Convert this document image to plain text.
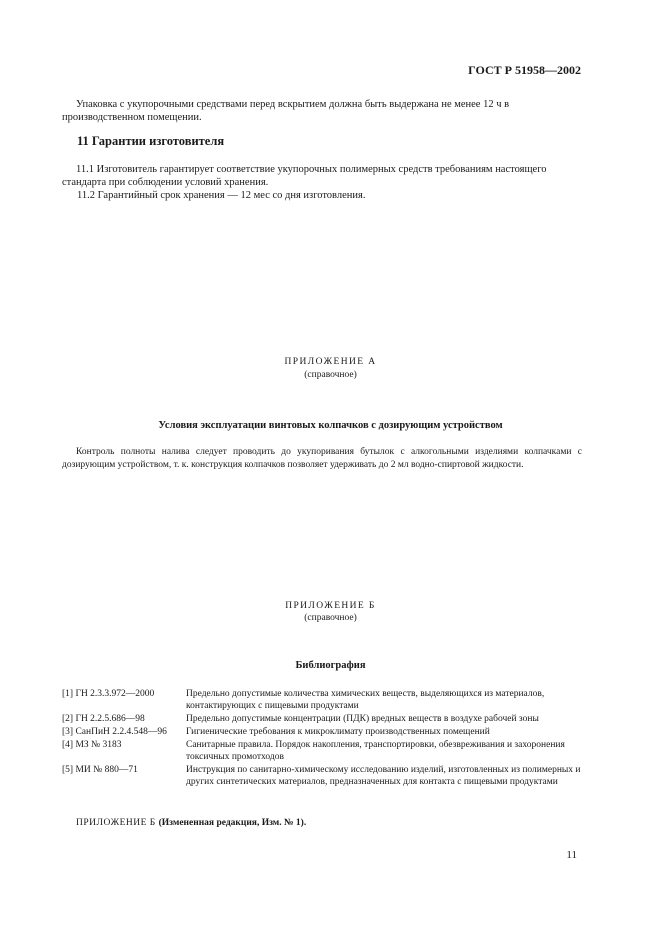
ГОСТ Р 51958—2002
Упаковка с укупорочными средствами перед вскрытием должна быть выдержана не менее 12 ч в производственном помещении.
11 Гарантии изготовителя
11.1 Изготовитель гарантирует соответствие укупорочных полимерных средств требованиям настоящего стандарта при соблюдении условий хранения.
11.2 Гарантийный срок хранения — 12 мес со дня изготовления.
ПРИЛОЖЕНИЕ А
(справочное)
Условия эксплуатации винтовых колпачков с дозирующим устройством
Контроль полноты налива следует проводить до укупоривания бутылок с алкогольными изделиями колпачками с дозирующим устройством, т. к. конструкция колпачков позволяет удерживать до 2 мл водно-спиртовой жидкости.
ПРИЛОЖЕНИЕ Б
(справочное)
Библиография
[1] ГН 2.3.3.972—2000	Предельно допустимые количества химических веществ, выделяющихся из материалов, контактирующих с пищевыми продуктами
[2] ГН 2.2.5.686—98	Предельно допустимые концентрации (ПДК) вредных веществ в воздухе рабочей зоны
[3] СанПиН 2.2.4.548—96	Гигиенические требования к микроклимату производственных помещений
[4] МЗ № 3183	Санитарные правила. Порядок накопления, транспортировки, обезвреживания и захоронения токсичных промотходов
[5] МИ № 880—71	Инструкция по санитарно-химическому исследованию изделий, изготовленных из полимерных и других синтетических материалов, предназначенных для контакта с пищевыми продуктами
ПРИЛОЖЕНИЕ Б (Измененная редакция, Изм. № 1).
11
